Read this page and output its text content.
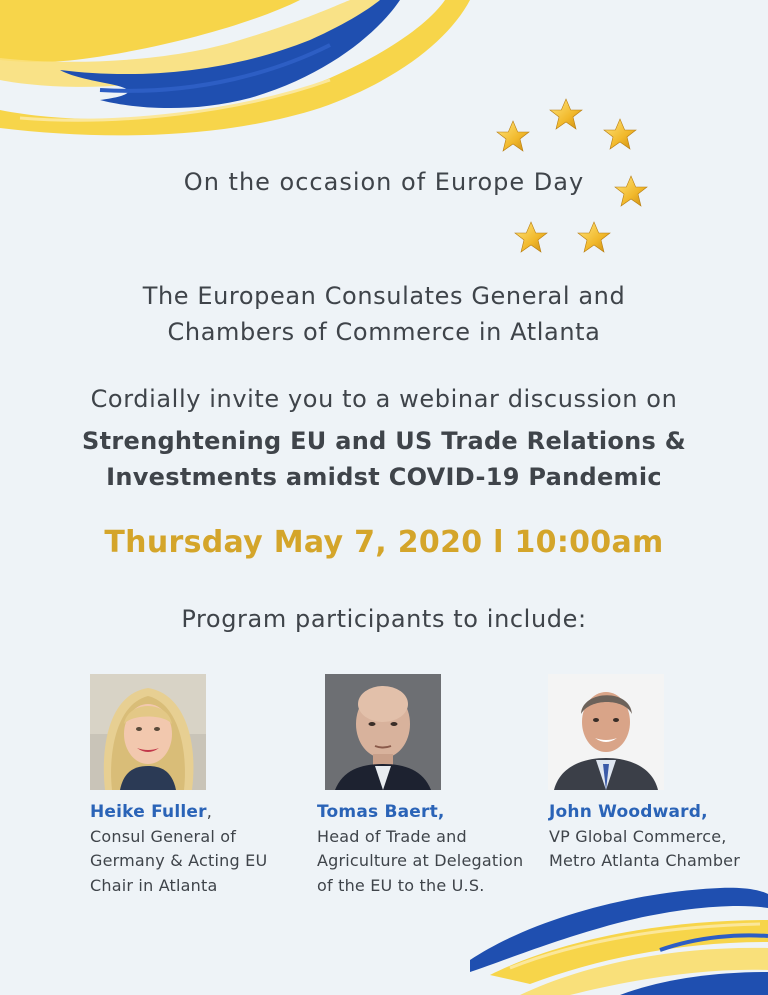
On the occasion of Europe Day
The European Consulates General and
Chambers of Commerce in Atlanta
Cordially invite you to a webinar discussion on
Strenghtening EU and US Trade Relations &
Investments amidst COVID-19 Pandemic
Thursday May 7, 2020 l 10:00am
Program participants to include:
Heike Fuller,
Consul General of
Germany & Acting EU
Chair in Atlanta
Tomas Baert,
Head of Trade and
Agriculture at Delegation
of the EU to the U.S.
John Woodward,
VP Global Commerce,
Metro Atlanta Chamber
